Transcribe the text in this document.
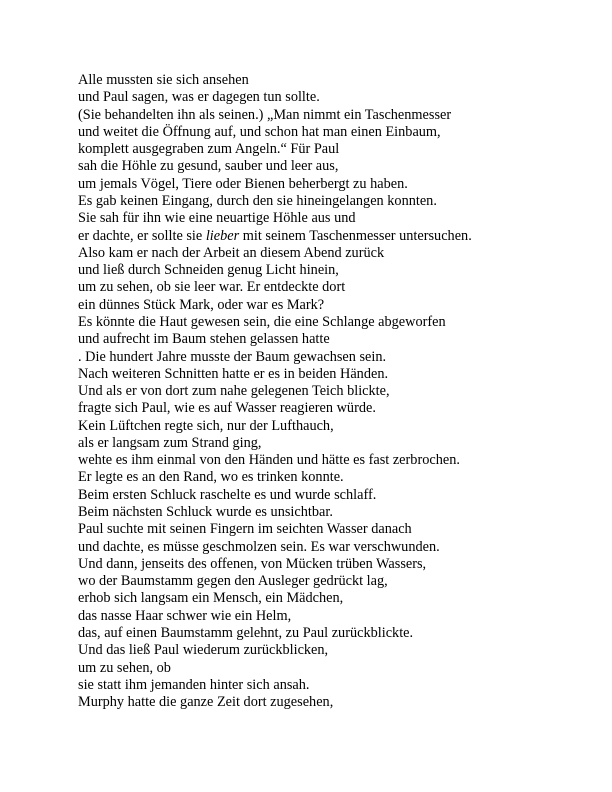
Alle mussten sie sich ansehen
und Paul sagen, was er dagegen tun sollte.
(Sie behandelten ihn als seinen.) „Man nimmt ein Taschenmesser
und weitet die Öffnung auf, und schon hat man einen Einbaum,
komplett ausgegraben zum Angeln.“ Für Paul
sah die Höhle zu gesund, sauber und leer aus,
um jemals Vögel, Tiere oder Bienen beherbergt zu haben.
Es gab keinen Eingang, durch den sie hineingelangen konnten.
Sie sah für ihn wie eine neuartige Höhle aus und
er dachte, er sollte sie lieber mit seinem Taschenmesser untersuchen.
Also kam er nach der Arbeit an diesem Abend zurück
und ließ durch Schneiden genug Licht hinein,
um zu sehen, ob sie leer war. Er entdeckte dort
ein dünnes Stück Mark, oder war es Mark?
Es könnte die Haut gewesen sein, die eine Schlange abgeworfen
und aufrecht im Baum stehen gelassen hatte
. Die hundert Jahre musste der Baum gewachsen sein.
Nach weiteren Schnitten hatte er es in beiden Händen.
Und als er von dort zum nahe gelegenen Teich blickte,
fragte sich Paul, wie es auf Wasser reagieren würde.
Kein Lüftchen regte sich, nur der Lufthauch,
als er langsam zum Strand ging,
wehte es ihm einmal von den Händen und hätte es fast zerbrochen.
Er legte es an den Rand, wo es trinken konnte.
Beim ersten Schluck raschelte es und wurde schlaff.
Beim nächsten Schluck wurde es unsichtbar.
Paul suchte mit seinen Fingern im seichten Wasser danach
und dachte, es müsse geschmolzen sein. Es war verschwunden.
Und dann, jenseits des offenen, von Mücken trüben Wassers,
wo der Baumstamm gegen den Ausleger gedrückt lag,
erhob sich langsam ein Mensch, ein Mädchen,
das nasse Haar schwer wie ein Helm,
das, auf einen Baumstamm gelehnt, zu Paul zurückblickte.
Und das ließ Paul wiederum zurückblicken,
um zu sehen, ob
sie statt ihm jemanden hinter sich ansah.
Murphy hatte die ganze Zeit dort zugesehen,
